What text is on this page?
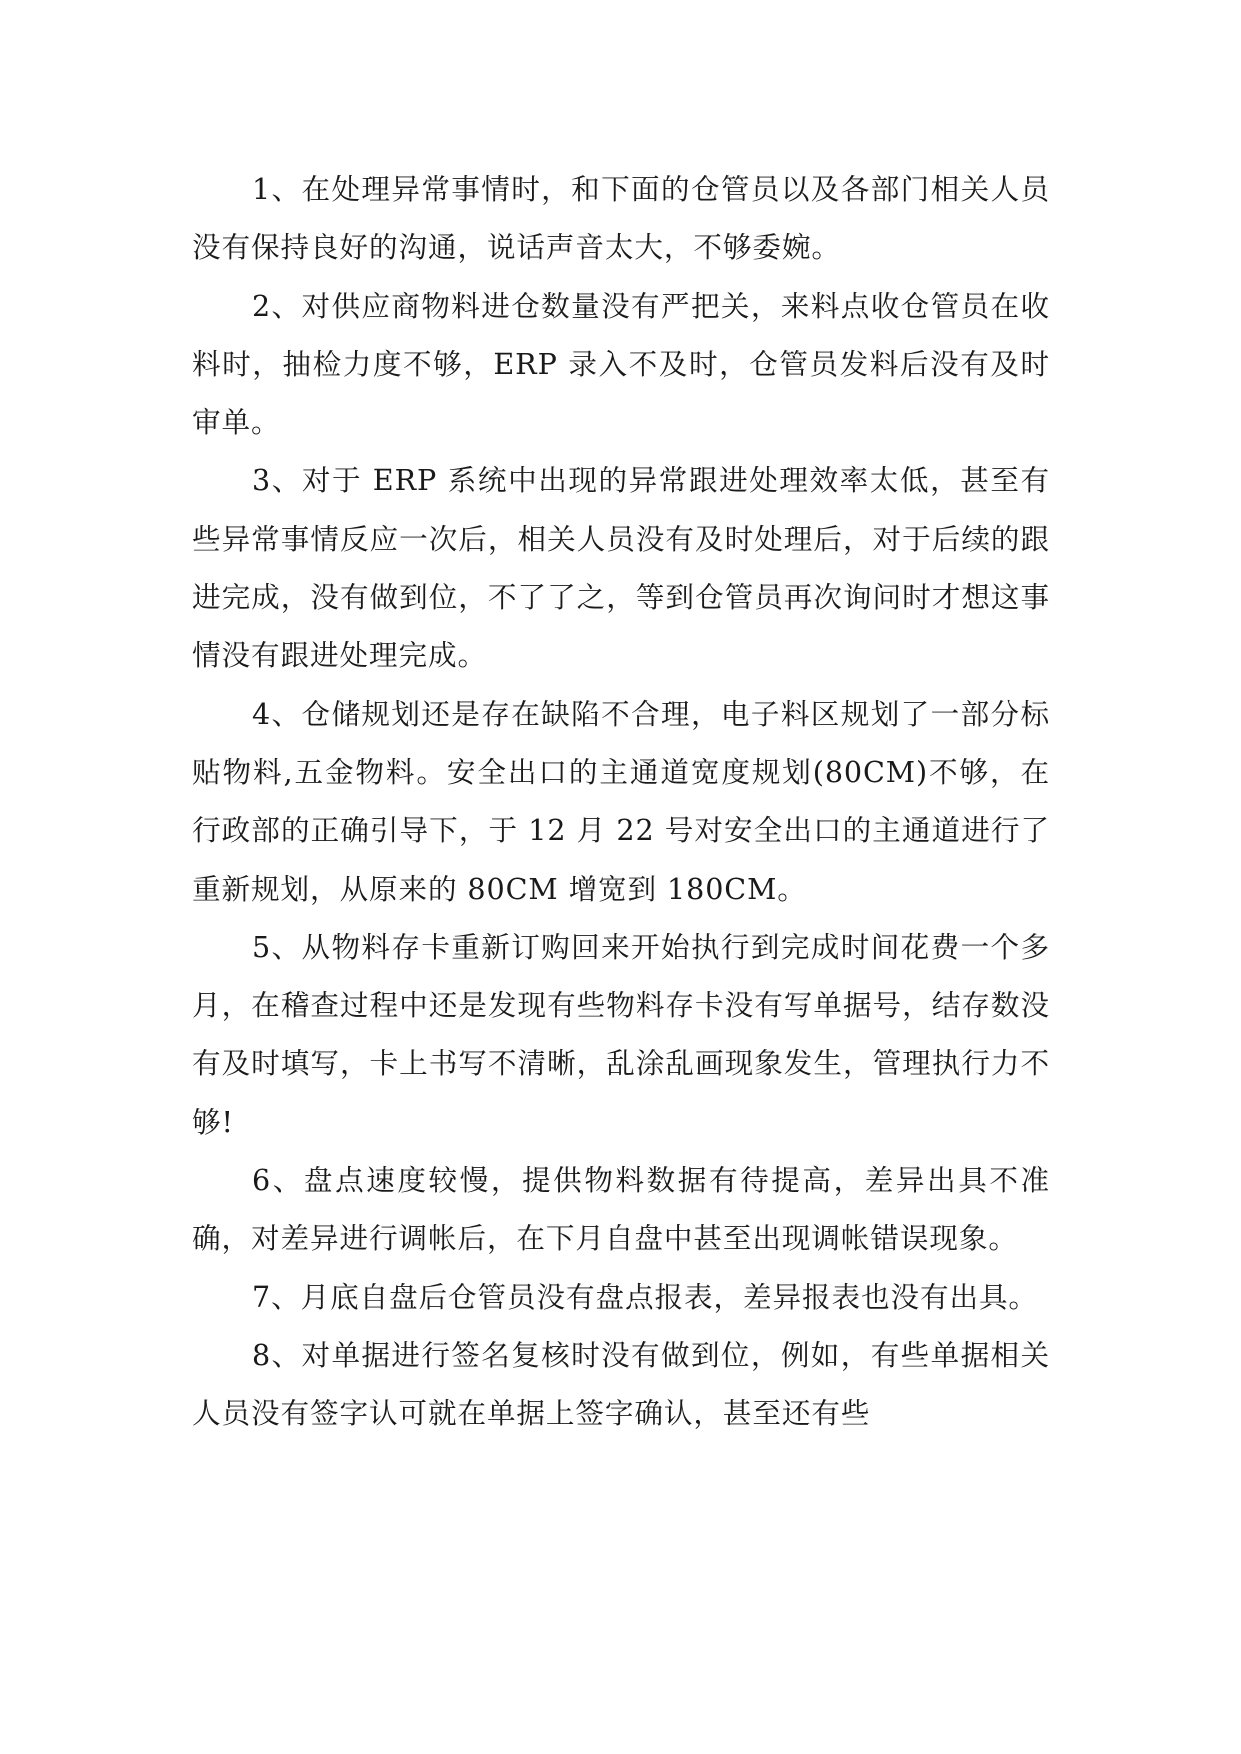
1、在处理异常事情时，和下面的仓管员以及各部门相关人员没有保持良好的沟通，说话声音太大，不够委婉。

2、对供应商物料进仓数量没有严把关，来料点收仓管员在收料时，抽检力度不够，ERP 录入不及时，仓管员发料后没有及时审单。

3、对于 ERP 系统中出现的异常跟进处理效率太低，甚至有些异常事情反应一次后，相关人员没有及时处理后，对于后续的跟进完成，没有做到位，不了了之，等到仓管员再次询问时才想这事情没有跟进处理完成。

4、仓储规划还是存在缺陷不合理，电子料区规划了一部分标贴物料,五金物料。安全出口的主通道宽度规划(80CM)不够，在行政部的正确引导下，于 12 月 22 号对安全出口的主通道进行了重新规划，从原来的 80CM 增宽到 180CM。

5、从物料存卡重新订购回来开始执行到完成时间花费一个多月，在稽查过程中还是发现有些物料存卡没有写单据号，结存数没有及时填写，卡上书写不清晰，乱涂乱画现象发生，管理执行力不够!

6、盘点速度较慢，提供物料数据有待提高，差异出具不准确，对差异进行调帐后，在下月自盘中甚至出现调帐错误现象。

7、月底自盘后仓管员没有盘点报表，差异报表也没有出具。

8、对单据进行签名复核时没有做到位，例如，有些单据相关人员没有签字认可就在单据上签字确认，甚至还有些
